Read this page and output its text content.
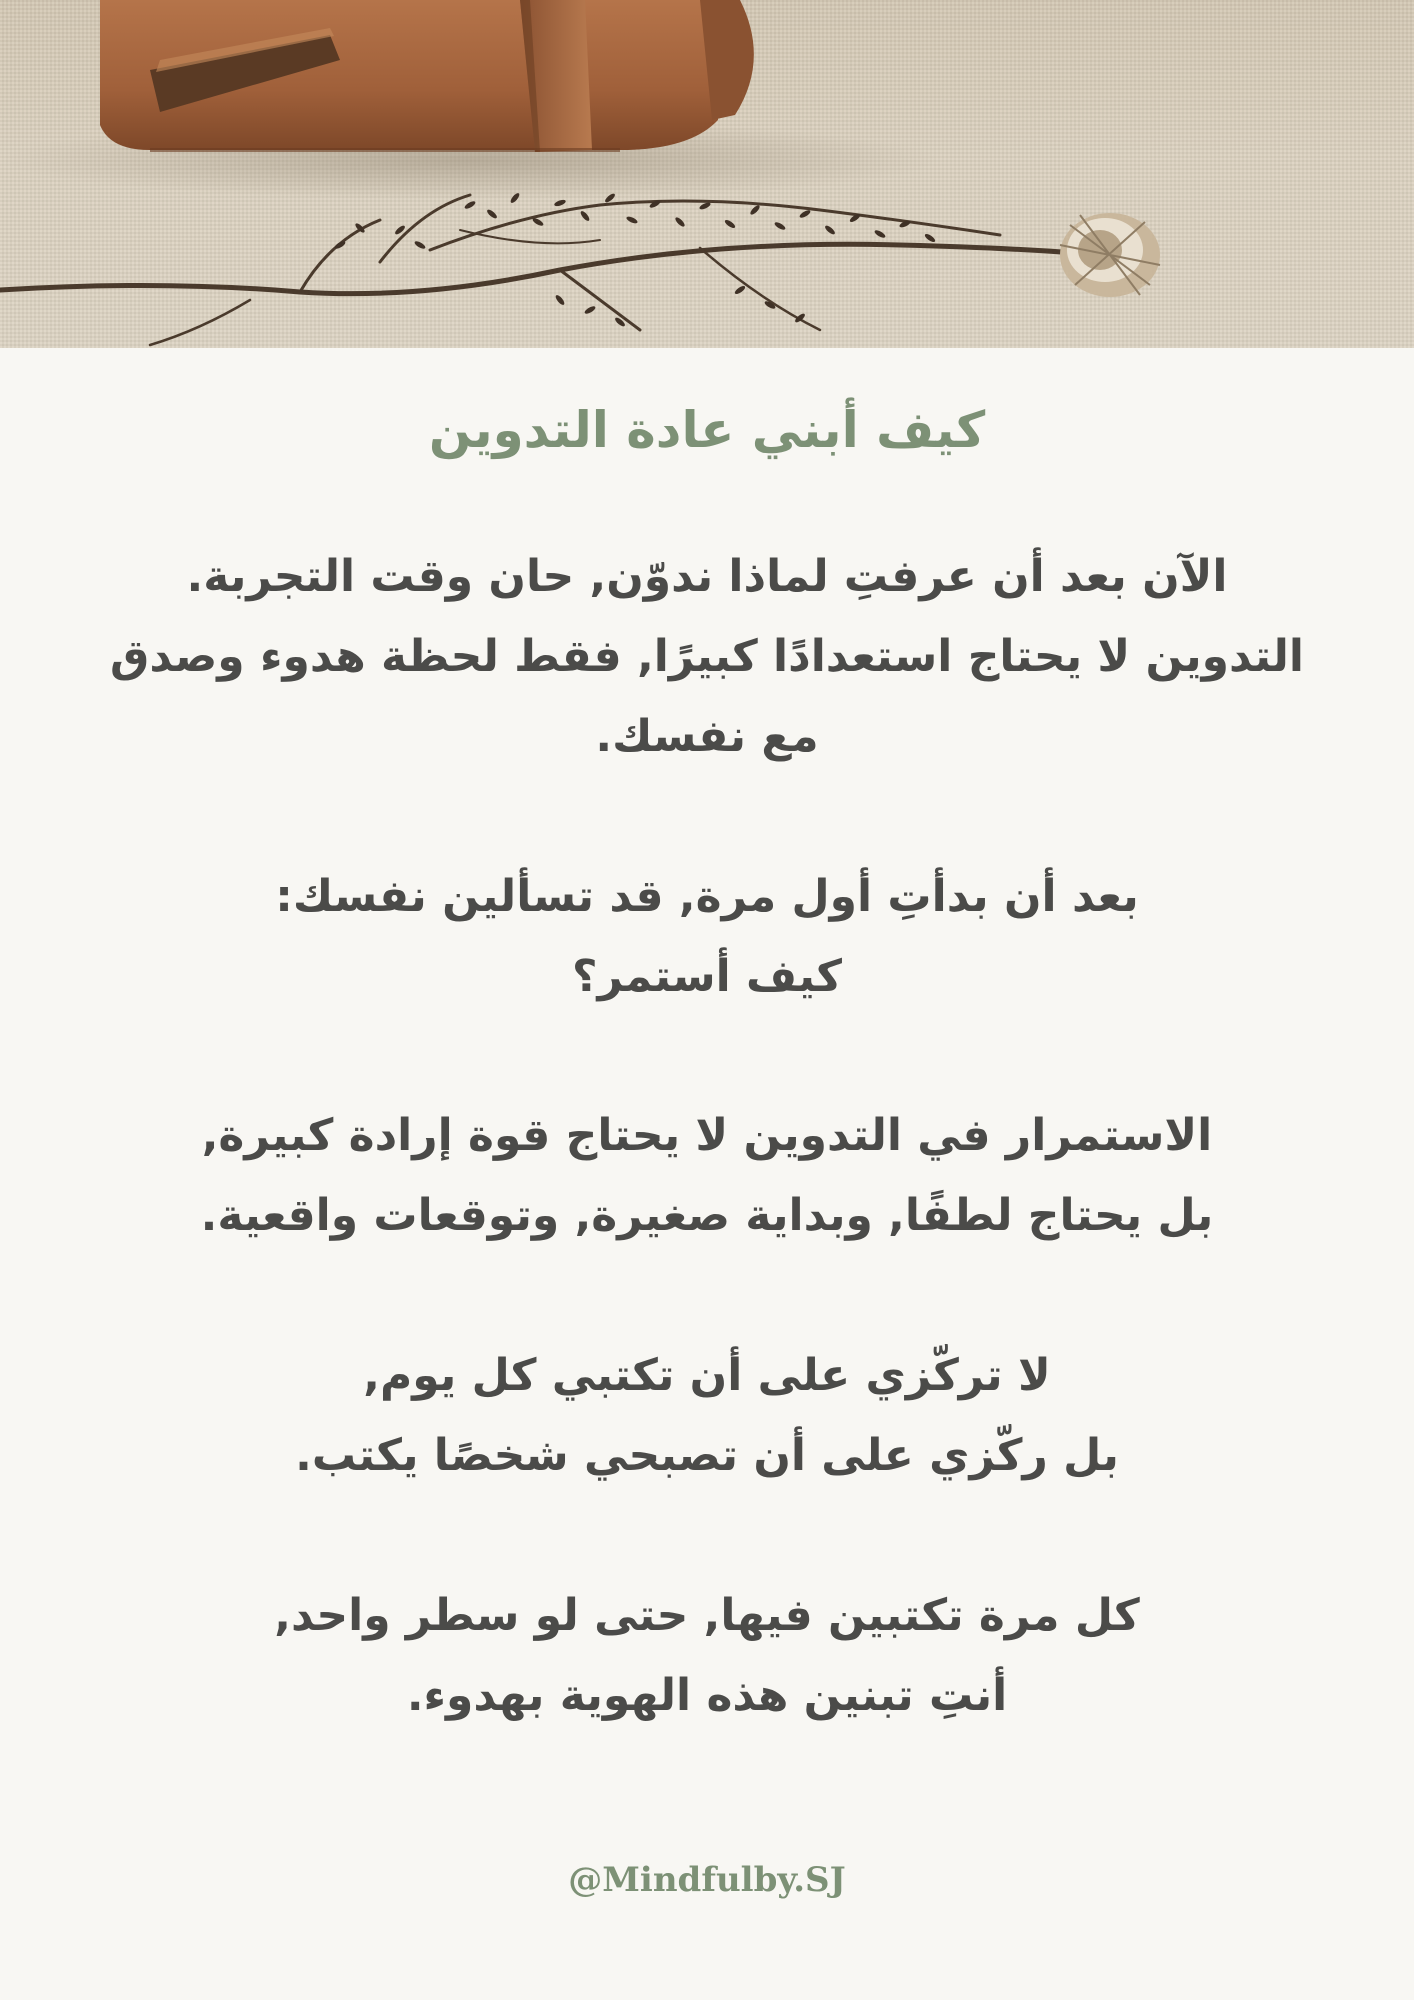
كيف أبني عادة التدوين
الآن بعد أن عرفتِ لماذا ندوّن, حان وقت التجربة.
التدوين لا يحتاج استعدادًا كبيرًا, فقط لحظة هدوء وصدق
مع نفسك.
بعد أن بدأتِ أول مرة, قد تسألين نفسك:
كيف أستمر؟
الاستمرار في التدوين لا يحتاج قوة إرادة كبيرة,
بل يحتاج لطفًا, وبداية صغيرة, وتوقعات واقعية.
لا تركّزي على أن تكتبي كل يوم,
بل ركّزي على أن تصبحي شخصًا يكتب.
كل مرة تكتبين فيها, حتى لو سطر واحد,
أنتِ تبنين هذه الهوية بهدوء.
@Mindfulby.SJ
